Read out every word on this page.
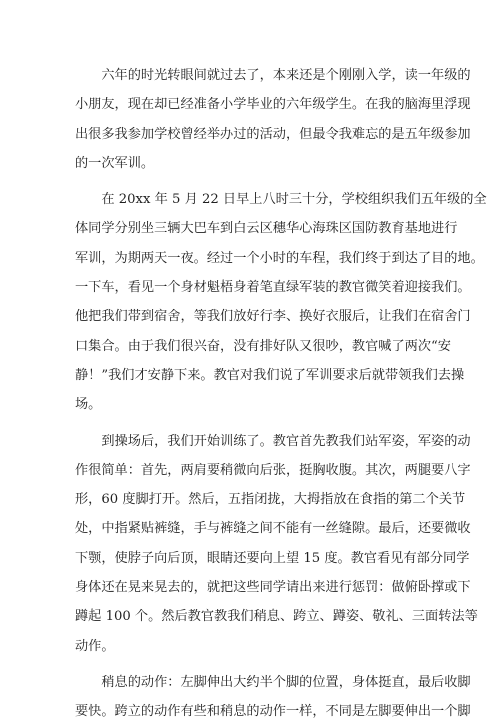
　　六年的时光转眼间就过去了，本来还是个刚刚入学，读一年级的
小朋友，现在却已经准备小学毕业的六年级学生。在我的脑海里浮现
出很多我参加学校曾经举办过的活动，但最令我难忘的是五年级参加
的一次军训。
　　在 20xx 年 5 月 22 日早上八时三十分，学校组织我们五年级的全
体同学分别坐三辆大巴车到白云区穗华心海珠区国防教育基地进行
军训，为期两天一夜。经过一个小时的车程，我们终于到达了目的地。
一下车，看见一个身材魁梧身着笔直绿军装的教官微笑着迎接我们。
他把我们带到宿舍，等我们放好行李、换好衣服后，让我们在宿舍门
口集合。由于我们很兴奋，没有排好队又很吵，教官喊了两次“安
静！”我们才安静下来。教官对我们说了军训要求后就带领我们去操
场。
　　到操场后，我们开始训练了。教官首先教我们站军姿，军姿的动
作很简单：首先，两肩要稍微向后张，挺胸收腹。其次，两腿要八字
形，60 度脚打开。然后，五指闭拢，大拇指放在食指的第二个关节
处，中指紧贴裤缝，手与裤缝之间不能有一丝缝隙。最后，还要微收
下颚，使脖子向后顶，眼睛还要向上望 15 度。教官看见有部分同学
身体还在晃来晃去的，就把这些同学请出来进行惩罚：做俯卧撑或下
蹲起 100 个。然后教官教我们稍息、跨立、蹲姿、敬礼、三面转法等
动作。
　　稍息的动作：左脚伸出大约半个脚的位置，身体挺直，最后收脚
要快。跨立的动作有些和稍息的动作一样，不同是左脚要伸出一个脚
